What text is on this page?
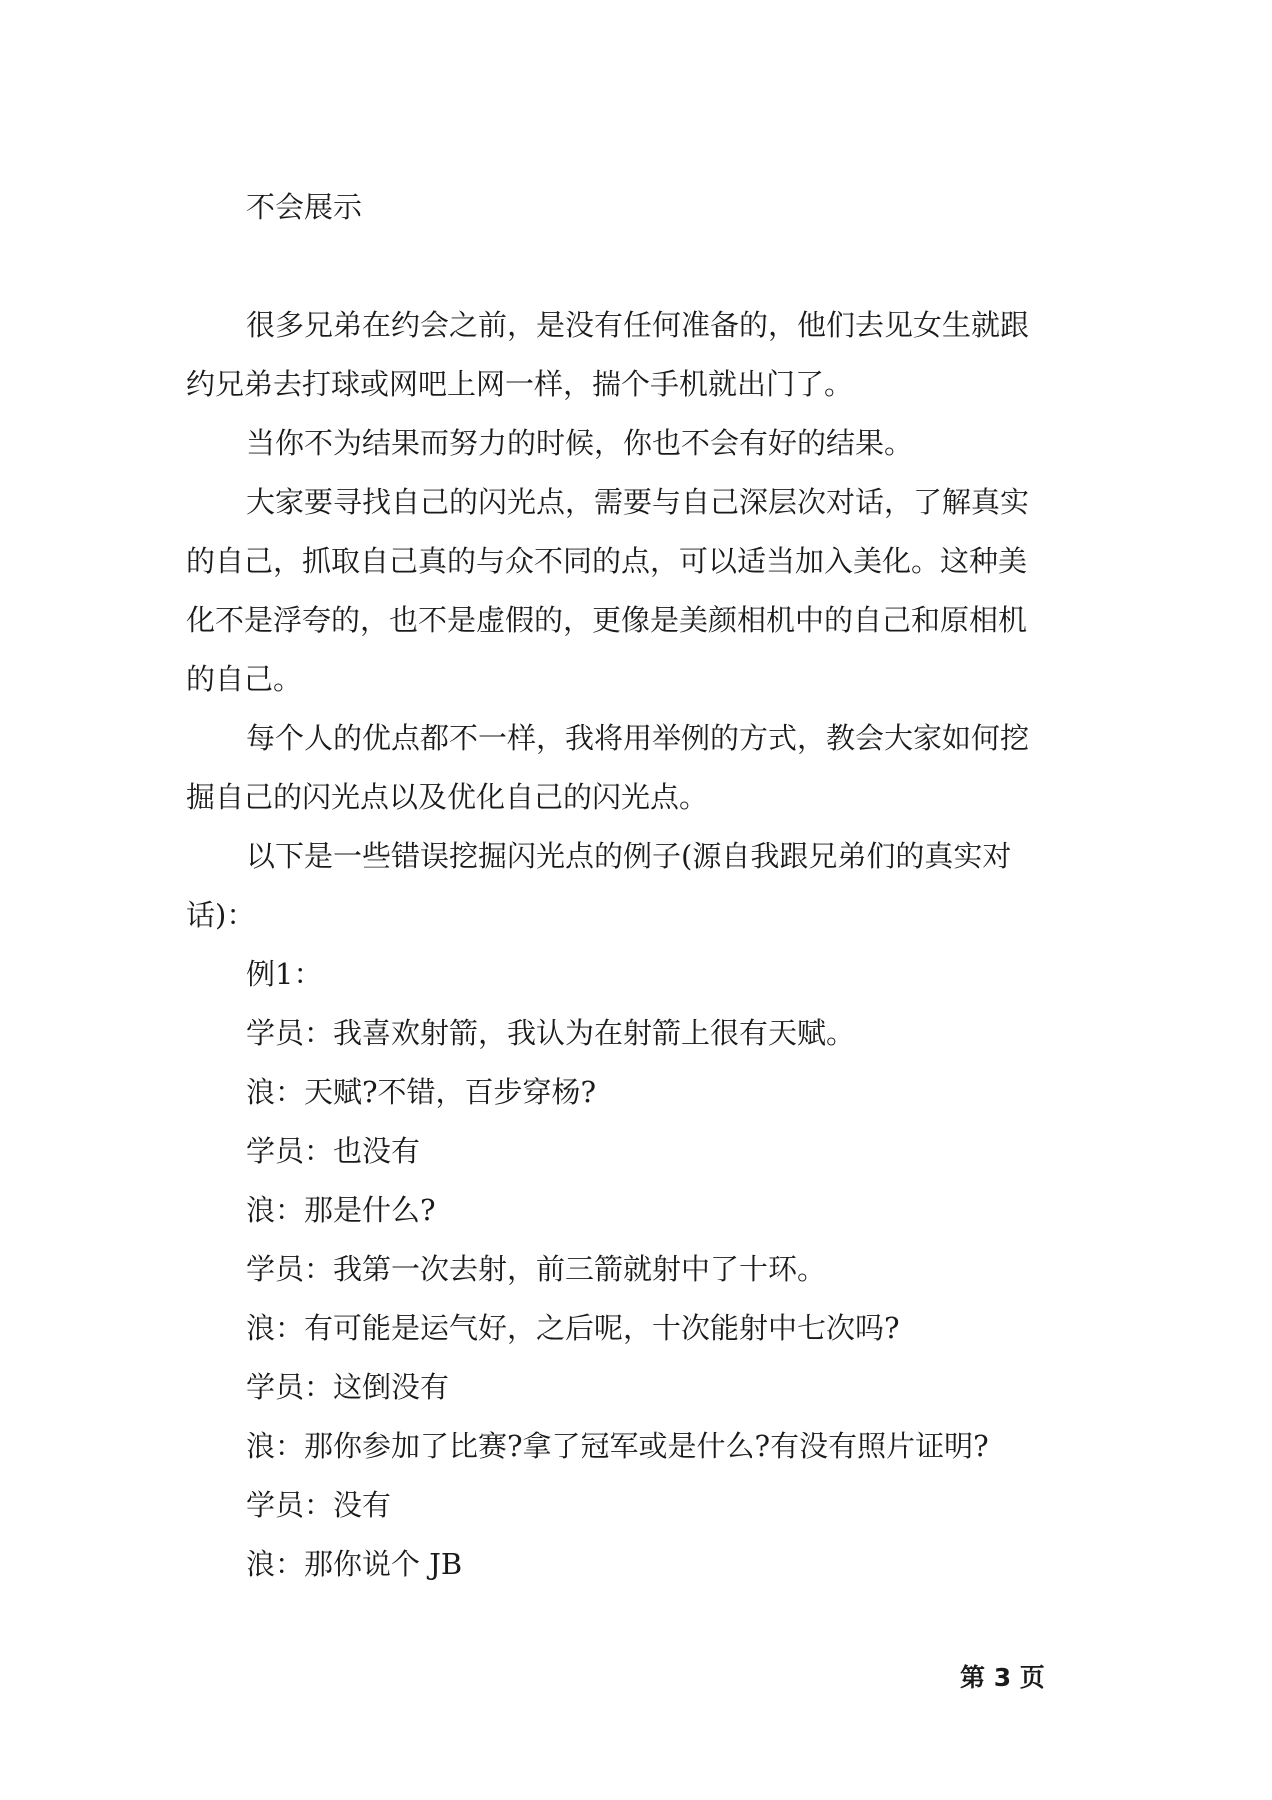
不会展示

很多兄弟在约会之前，是没有任何准备的，他们去见女生就跟约兄弟去打球或网吧上网一样，揣个手机就出门了。

当你不为结果而努力的时候，你也不会有好的结果。

大家要寻找自己的闪光点，需要与自己深层次对话，了解真实的自己，抓取自己真的与众不同的点，可以适当加入美化。这种美化不是浮夸的，也不是虚假的，更像是美颜相机中的自己和原相机的自己。

每个人的优点都不一样，我将用举例的方式，教会大家如何挖掘自己的闪光点以及优化自己的闪光点。

以下是一些错误挖掘闪光点的例子(源自我跟兄弟们的真实对话)：

例1：

学员：我喜欢射箭，我认为在射箭上很有天赋。

浪：天赋?不错，百步穿杨?

学员：也没有

浪：那是什么?

学员：我第一次去射，前三箭就射中了十环。

浪：有可能是运气好，之后呢，十次能射中七次吗?

学员：这倒没有

浪：那你参加了比赛?拿了冠军或是什么?有没有照片证明?

学员：没有

浪：那你说个 JB

第 3 页
